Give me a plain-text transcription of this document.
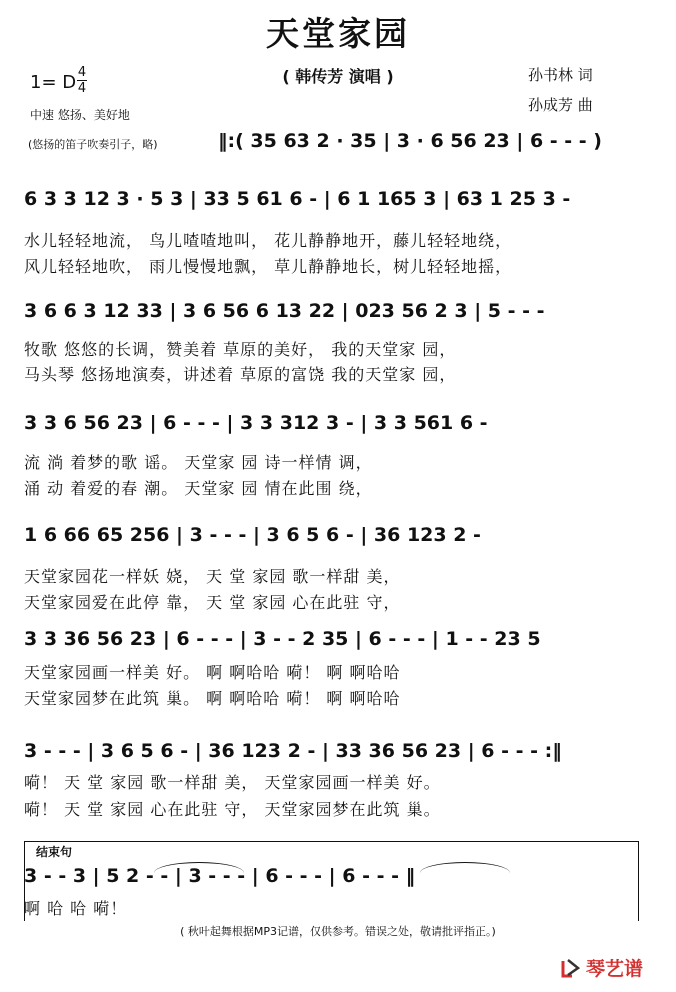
天堂家园
( 韩传芳 演唱 )	孙书林 词
孙成芳 曲
1= D 4
4
中速 悠扬、美好地
(悠扬的笛子吹奏引子，略)	‖:( 35 63 2 · 35 | 3 · 6 56 23 | 6 - - - )
6 3 3 12 3 · 5 3 | 33 5 61 6 - | 6 1 165 3 | 63 1 25 3 -
水儿轻轻地流， 鸟儿喳喳地叫， 花儿静静地开，藤儿轻轻地绕，
风儿轻轻地吹， 雨儿慢慢地飘， 草儿静静地长，树儿轻轻地摇，
3 6 6 3 12 33 | 3 6 56 6 13 22 | 023 56 2 3 | 5 - - -
牧歌 悠悠的长调，赞美着 草原的美好， 我的天堂家 园，
马头琴 悠扬地演奏，讲述着 草原的富饶 我的天堂家 园，
3 3 6 56 23 | 6 - - - | 3 3 312 3 - | 3 3 561 6 -
流 淌 着梦的歌 谣。 天堂家 园 诗一样情 调，
涌 动 着爱的春 潮。 天堂家 园 情在此围 绕，
1 6 66 65 256 | 3 - - - | 3 6 5 6 - | 36 123 2 -
天堂家园花一样妖 娆， 天 堂 家园 歌一样甜 美，
天堂家园爱在此停 靠， 天 堂 家园 心在此驻 守，
3 3 36 56 23 | 6 - - - | 3 - - 2 35 | 6 - - - | 1 - - 23 5
天堂家园画一样美 好。 啊 啊哈哈 嗬！ 啊 啊哈哈
天堂家园梦在此筑 巢。 啊 啊哈哈 嗬！ 啊 啊哈哈
3 - - - | 3 6 5 6 - | 36 123 2 - | 33 36 56 23 | 6 - - - :‖
嗬！ 天 堂 家园 歌一样甜 美， 天堂家园画一样美 好。
嗬！ 天 堂 家园 心在此驻 守， 天堂家园梦在此筑 巢。
结束句
3 - - 3 | 5 2 - - | 3 - - - | 6 - - - | 6 - - - ‖
啊 哈 哈 嗬！
( 秋叶起舞根据MP3记谱，仅供参考。错误之处，敬请批评指正。)
琴艺谱
